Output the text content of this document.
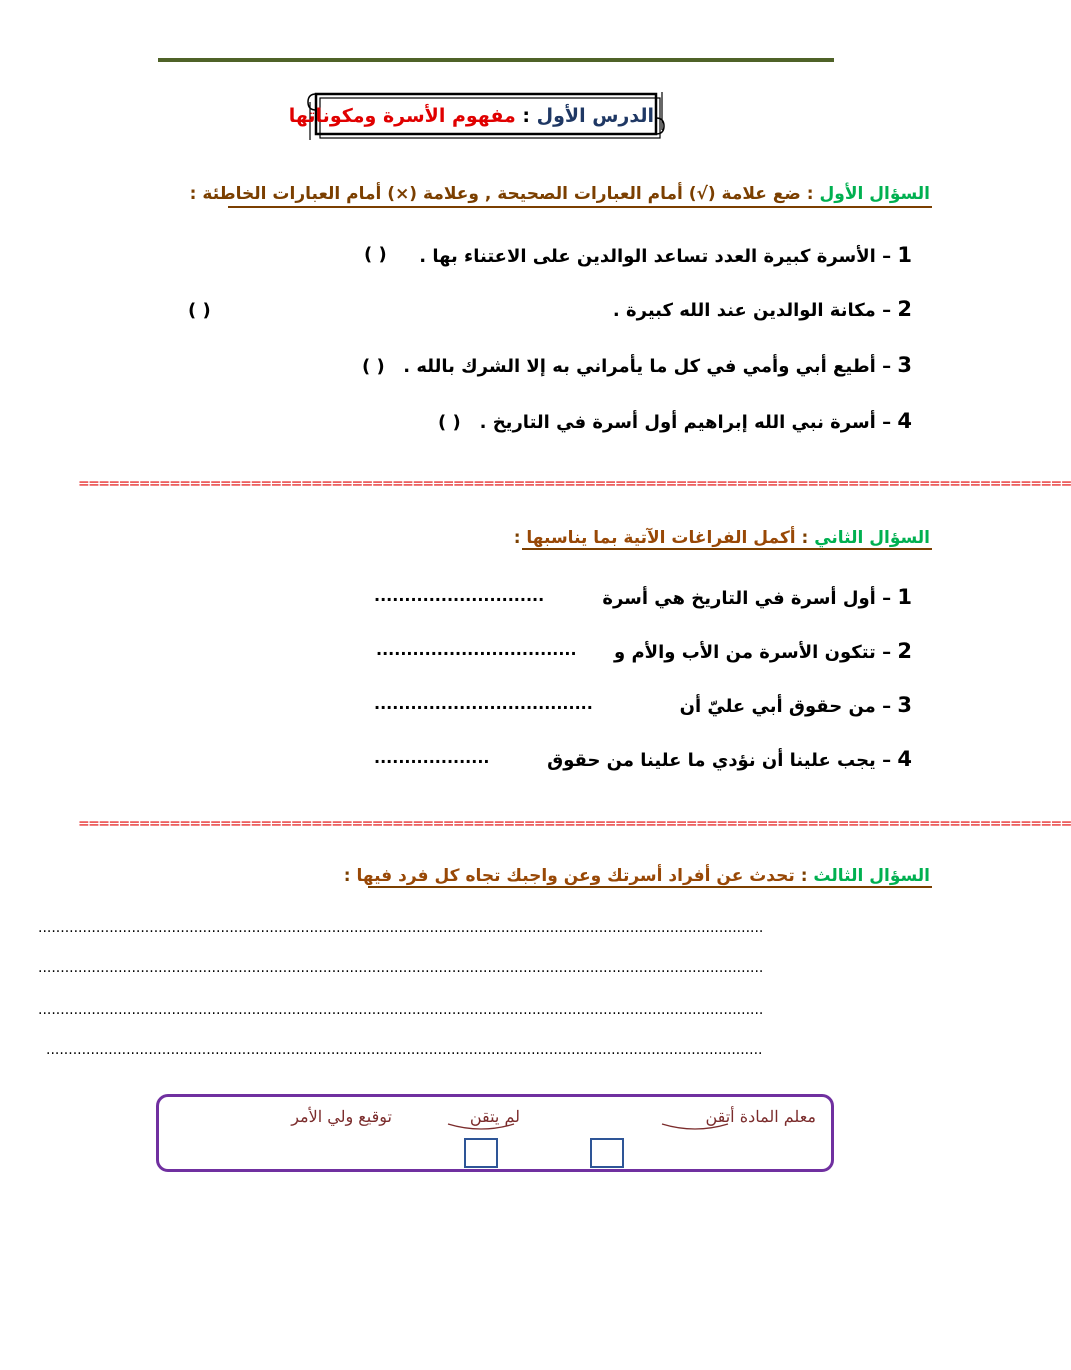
الدرس الأول : مفهوم الأسرة ومكوناتها
السؤال الأول : ضع علامة (√) أمام العبارات الصحيحة , وعلامة (×) أمام العبارات الخاطئة :
1 – الأسرة كبيرة العدد تساعد الوالدين على الاعتناء بها .
( )
2 – مكانة الوالدين عند الله كبيرة .
( )
3 – أطيع أبي وأمي في كل ما يأمراني به إلا الشرك بالله .
( )
4 – أسرة نبي الله إبراهيم أول أسرة في التاريخ .
( )
==================================================================================================
السؤال الثاني : أكمل الفراغات الآتية بما يناسبها :
1 – أول أسرة في التاريخ هي أسرة
............................
2 – تتكون الأسرة من الأب والأم و
.................................
3 – من حقوق أبي عليّ أن
....................................
4 – يجب علينا أن نؤدي ما علينا من حقوق
...................
==================================================================================================
السؤال الثالث : تحدث عن أفراد أسرتك وعن واجبك تجاه كل فرد فيها :
...................................................................................................................................................................
...................................................................................................................................................................
...................................................................................................................................................................
.................................................................................................................................................................
معلم المادة أتقن
لم يتقن
توقيع ولي الأمر
